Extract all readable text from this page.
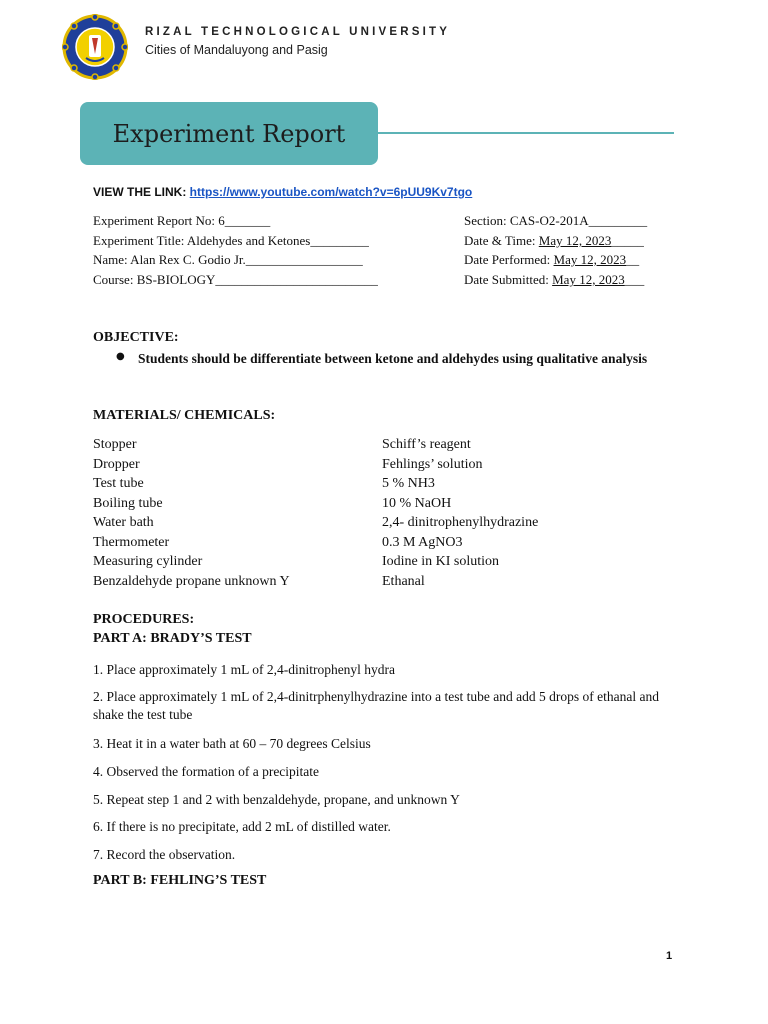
RIZAL TECHNOLOGICAL UNIVERSITY
Cities of Mandaluyong and Pasig
Experiment Report
VIEW THE LINK: https://www.youtube.com/watch?v=6pUU9Kv7tgo
Experiment Report No: 6_______
Experiment Title: Aldehydes and Ketones_________
Name: Alan Rex C. Godio Jr.__________________
Course: BS-BIOLOGY_________________________
Section: CAS-O2-201A_________
Date & Time: May 12, 2023_____
Date Performed: May 12, 2023__
Date Submitted: May 12, 2023___
OBJECTIVE:
● Students should be differentiate between ketone and aldehydes using qualitative analysis
MATERIALS/ CHEMICALS:
Stopper
Dropper
Test tube
Boiling tube
Water bath
Thermometer
Measuring cylinder
Benzaldehyde propane unknown Y
Schiff’s reagent
Fehlings’ solution
5 % NH3
10 % NaOH
2,4- dinitrophenylhydrazine
0.3 M AgNO3
Iodine in KI solution
Ethanal
PROCEDURES:
PART A: BRADY’S TEST
1. Place approximately 1 mL of 2,4-dinitrophenyl hydra
2. Place approximately 1 mL of 2,4-dinitrphenylhydrazine into a test tube and add 5 drops of ethanal and shake the test tube
3. Heat it in a water bath at 60 – 70 degrees Celsius
4. Observed the formation of a precipitate
5. Repeat step 1 and 2 with benzaldehyde, propane, and unknown Y
6. If there is no precipitate, add 2 mL of distilled water.
7. Record the observation.
PART B: FEHLING’S TEST
1
